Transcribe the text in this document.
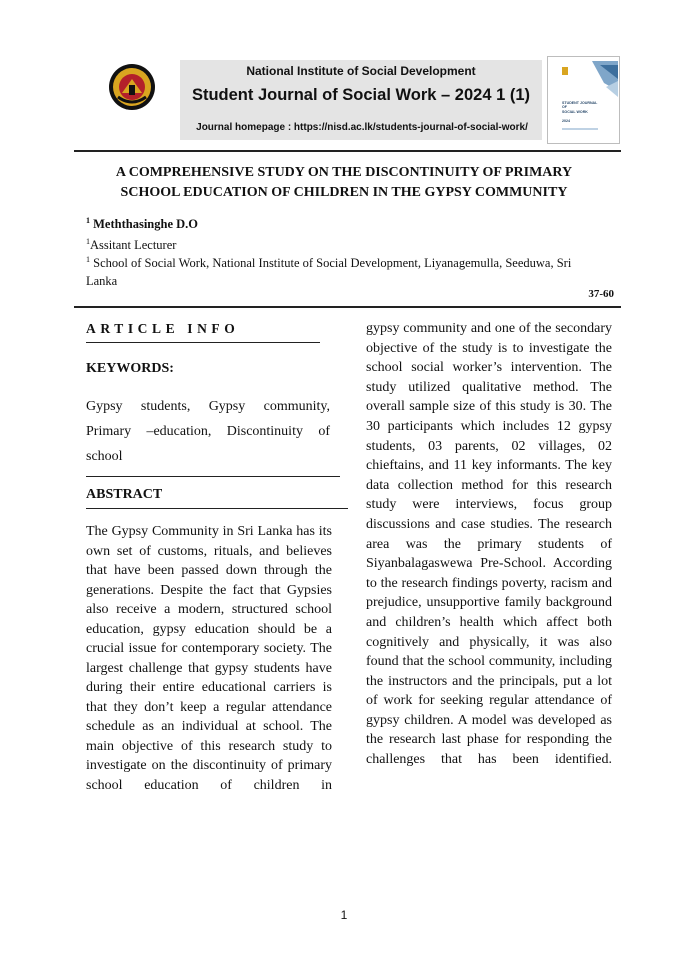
National Institute of Social Development
Student Journal of Social Work – 2024 1 (1)
Journal homepage : https://nisd.ac.lk/students-journal-of-social-work/
STUDENT JOURNAL
OF
SOCIAL WORK
2024
A COMPREHENSIVE STUDY ON THE DISCONTINUITY OF PRIMARY
SCHOOL EDUCATION OF CHILDREN IN THE GYPSY COMMUNITY
$^1$ Meththasinghe D.O
$^1$Assitant Lecturer
$^1$ School of Social Work, National Institute of Social Development, Liyanagemulla, Seeduwa, Sri Lanka
37-60
ARTICLE INFO
KEYWORDS:
Gypsy students, Gypsy community, Primary –education, Discontinuity of school
ABSTRACT
The Gypsy Community in Sri Lanka has its own set of customs, rituals, and believes that have been passed down through the generations. Despite the fact that Gypsies also receive a modern, structured school education, gypsy education should be a crucial issue for contemporary society. The largest challenge that gypsy students have during their entire educational carriers is that they don’t keep a regular attendance schedule as an individual at school. The main objective of this research study to investigate on the discontinuity of primary school education of children in
gypsy community and one of the secondary objective of the study is to investigate the school social worker’s intervention. The study utilized qualitative method. The overall sample size of this study is 30. The 30 participants which includes 12 gypsy students, 03 parents, 02 villages, 02 chieftains, and 11 key informants. The key data collection method for this research study were interviews, focus group discussions and case studies. The research area was the primary students of Siyanbalagaswewa Pre-School. According to the research findings poverty, racism and prejudice, unsupportive family background and children’s health which affect both cognitively and physically, it was also found that the school community, including the instructors and the principals, put a lot of work for seeking regular attendance of gypsy children. A model was developed as the research last phase for responding the challenges that has been identified.
1
